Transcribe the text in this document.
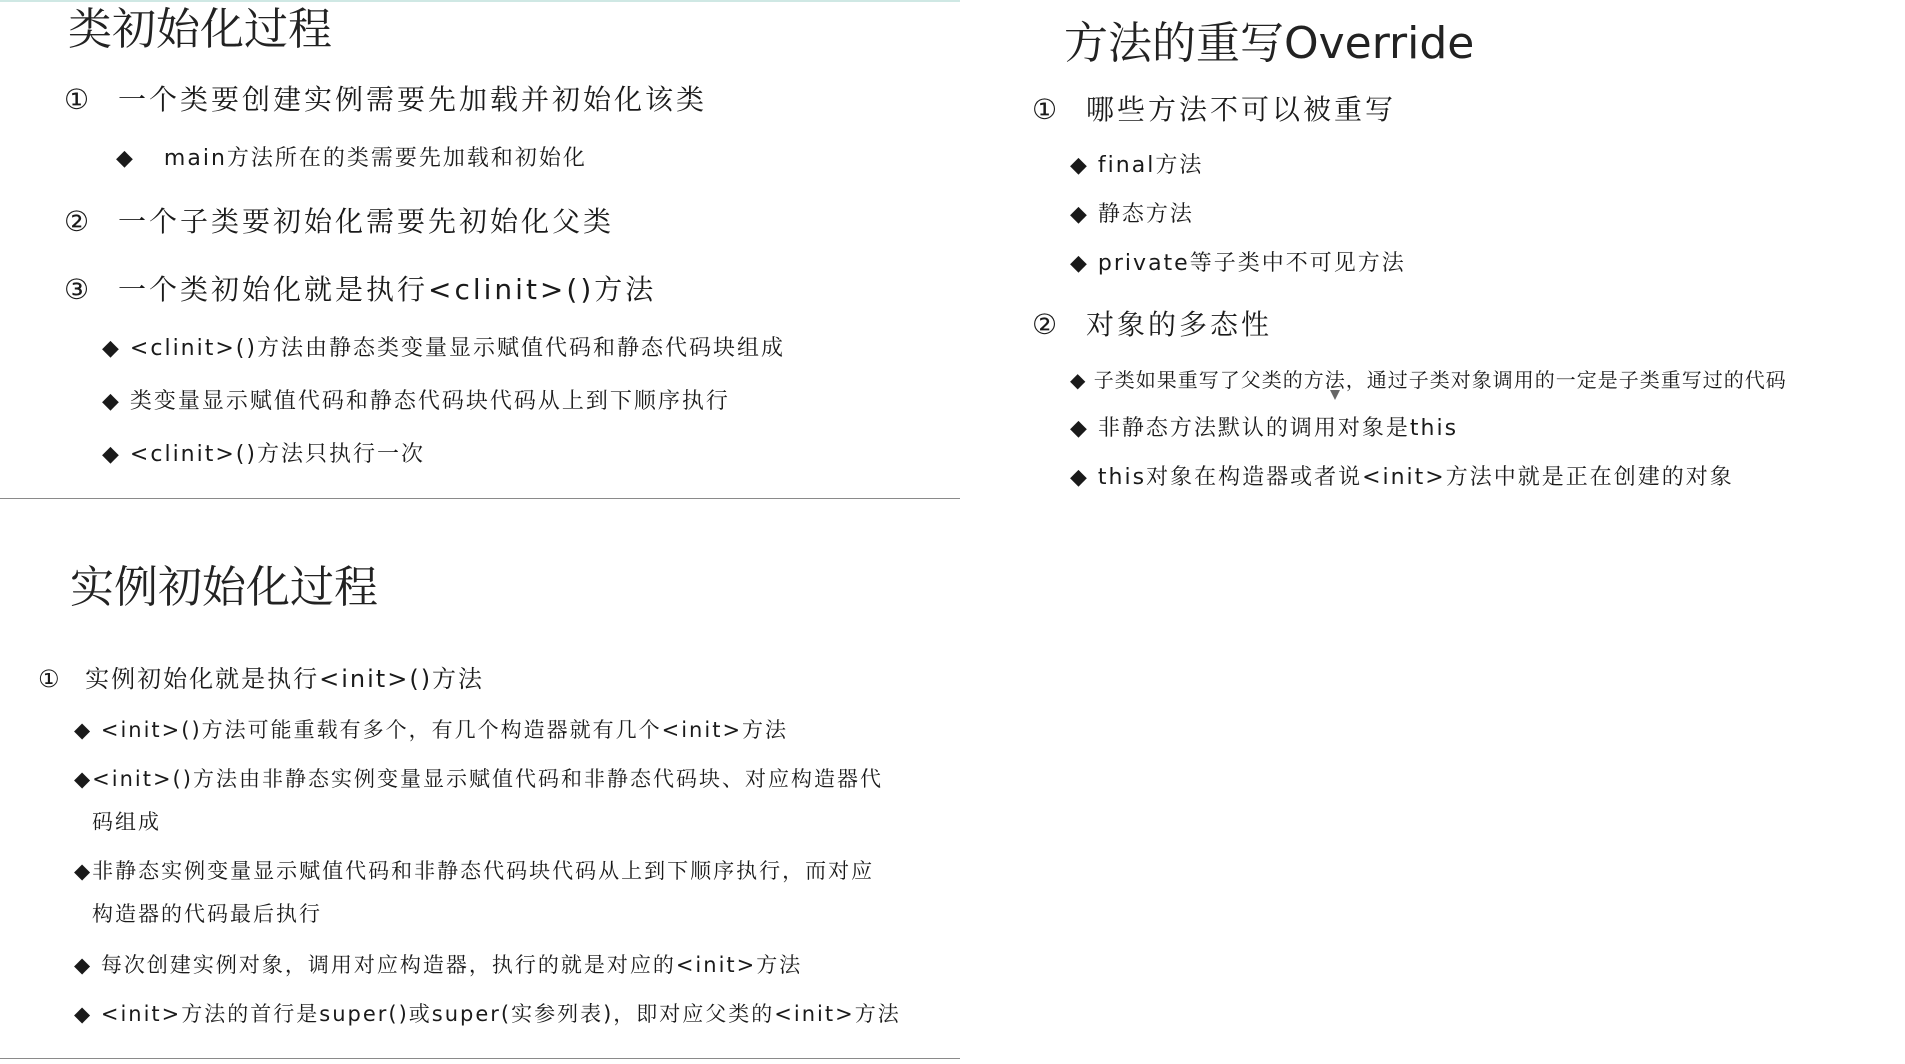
类初始化过程
① 一个类要创建实例需要先加载并初始化该类
◆ main方法所在的类需要先加载和初始化
② 一个子类要初始化需要先初始化父类
③ 一个类初始化就是执行<clinit>()方法
◆ <clinit>()方法由静态类变量显示赋值代码和静态代码块组成
◆ 类变量显示赋值代码和静态代码块代码从上到下顺序执行
◆ <clinit>()方法只执行一次
方法的重写Override
① 哪些方法不可以被重写
◆ final方法
◆ 静态方法
◆ private等子类中不可见方法
② 对象的多态性
◆ 子类如果重写了父类的方法，通过子类对象调用的一定是子类重写过的代码
◆ 非静态方法默认的调用对象是this
◆ this对象在构造器或者说<init>方法中就是正在创建的对象
实例初始化过程
① 实例初始化就是执行<init>()方法
◆ <init>()方法可能重载有多个，有几个构造器就有几个<init>方法
◆<init>()方法由非静态实例变量显示赋值代码和非静态代码块、对应构造器代
码组成
◆非静态实例变量显示赋值代码和非静态代码块代码从上到下顺序执行，而对应
构造器的代码最后执行
◆ 每次创建实例对象，调用对应构造器，执行的就是对应的<init>方法
◆ <init>方法的首行是super()或super(实参列表)，即对应父类的<init>方法
